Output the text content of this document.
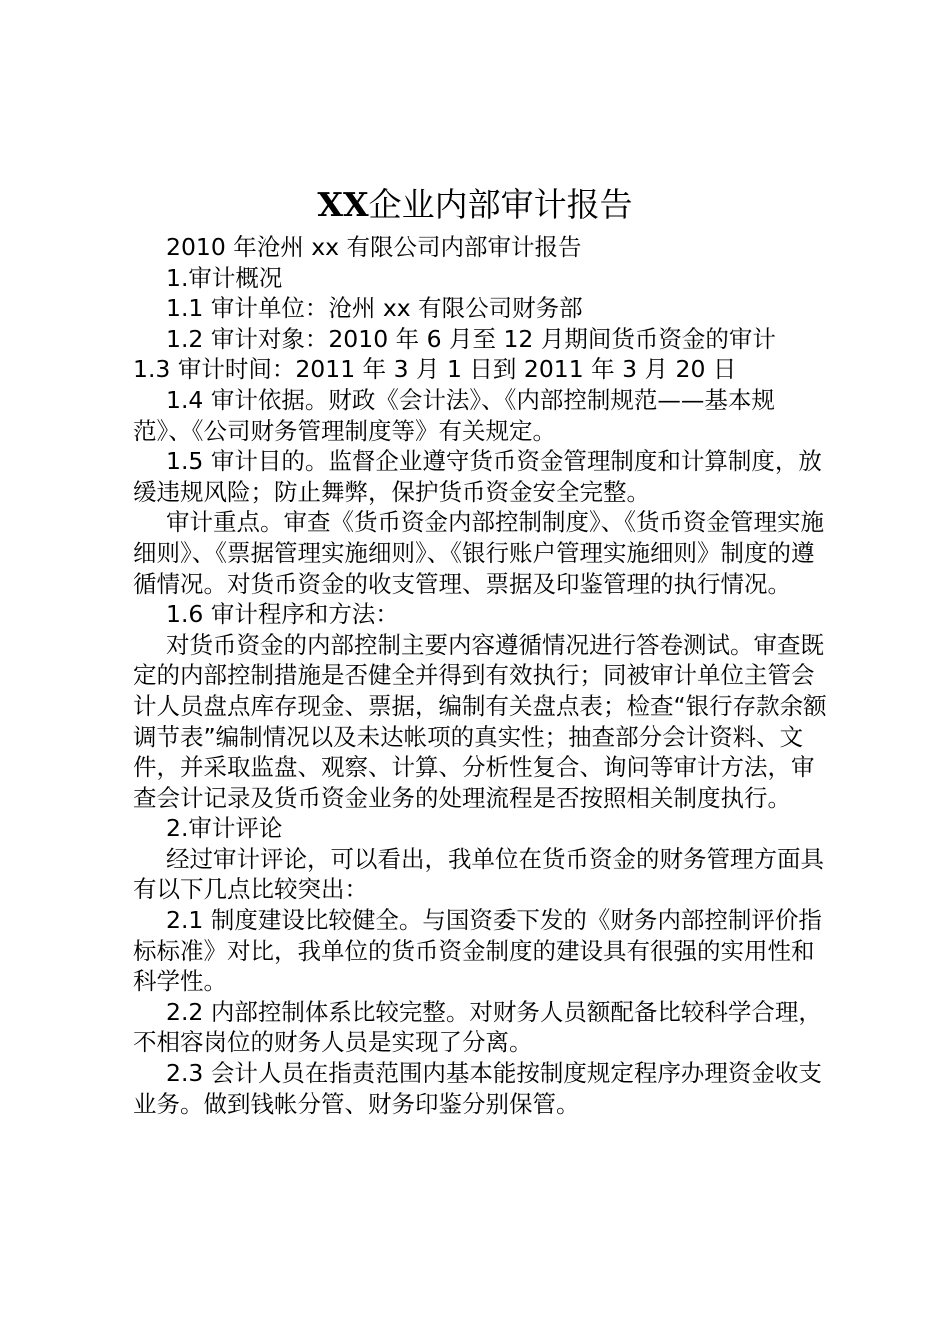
XX企业内部审计报告

2010 年沧州 xx 有限公司内部审计报告

1.审计概况

1.1 审计单位：沧州 xx 有限公司财务部

1.2 审计对象：2010 年 6 月至 12 月期间货币资金的审计

1.3 审计时间：2011 年 3 月 1 日到 2011 年 3 月 20 日

1.4 审计依据。财政《会计法》、《内部控制规范——基本规范》、《公司财务管理制度等》有关规定。

1.5 审计目的。监督企业遵守货币资金管理制度和计算制度，放缓违规风险；防止舞弊，保护货币资金安全完整。

审计重点。审查《货币资金内部控制制度》、《货币资金管理实施细则》、《票据管理实施细则》、《银行账户管理实施细则》制度的遵循情况。对货币资金的收支管理、票据及印鉴管理的执行情况。

1.6 审计程序和方法：

对货币资金的内部控制主要内容遵循情况进行答卷测试。审查既定的内部控制措施是否健全并得到有效执行；同被审计单位主管会计人员盘点库存现金、票据，编制有关盘点表；检查“银行存款余额调节表”编制情况以及未达帐项的真实性；抽查部分会计资料、文件，并采取监盘、观察、计算、分析性复合、询问等审计方法，审查会计记录及货币资金业务的处理流程是否按照相关制度执行。

2.审计评论

经过审计评论，可以看出，我单位在货币资金的财务管理方面具有以下几点比较突出：

2.1 制度建设比较健全。与国资委下发的《财务内部控制评价指标标准》对比，我单位的货币资金制度的建设具有很强的实用性和科学性。

2.2 内部控制体系比较完整。对财务人员额配备比较科学合理，不相容岗位的财务人员是实现了分离。

2.3 会计人员在指责范围内基本能按制度规定程序办理资金收支业务。做到钱帐分管、财务印鉴分别保管。
